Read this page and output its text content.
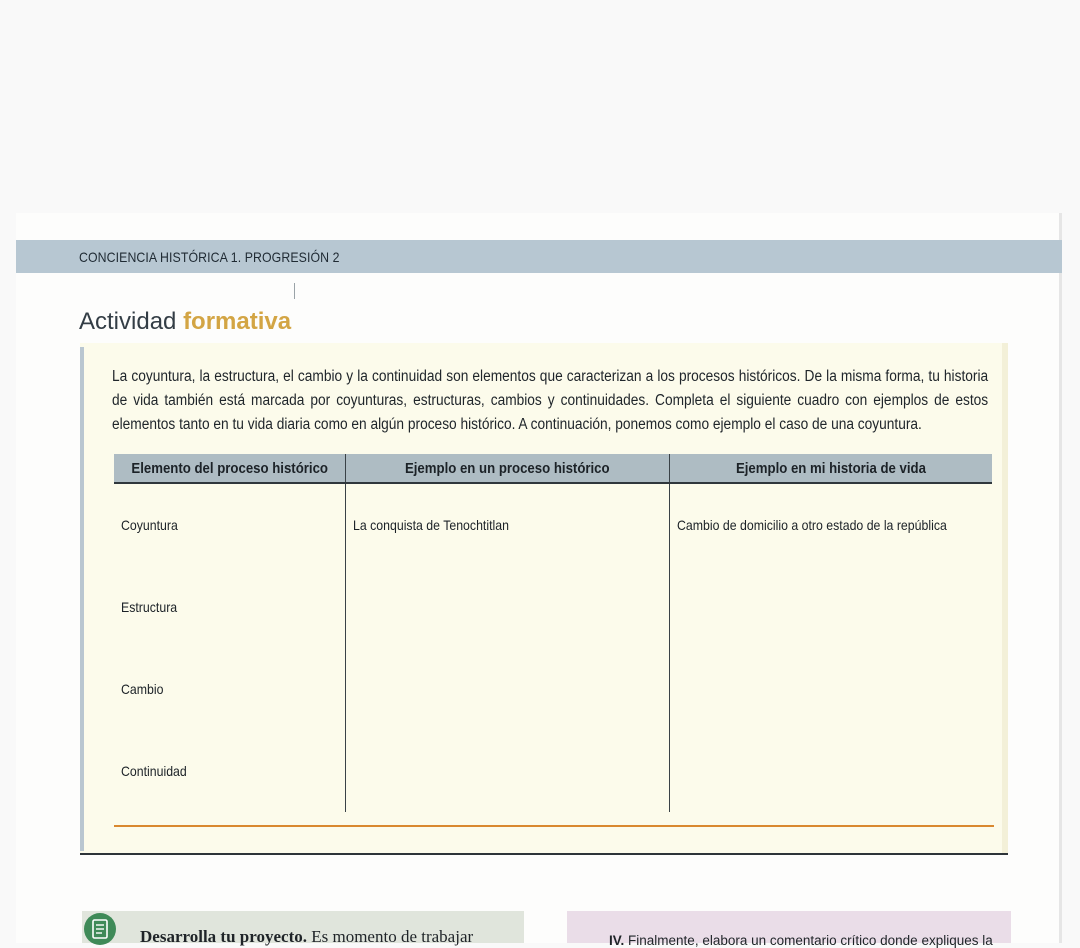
CONCIENCIA HISTÓRICA 1. PROGRESIÓN 2
Actividad formativa

La coyuntura, la estructura, el cambio y la continuidad son elementos que caracterizan a los procesos históricos. De la misma forma, tu historia de vida también está marcada por coyunturas, estructuras, cambios y continuidades. Completa el siguiente cuadro con ejemplos de estos elementos tanto en tu vida diaria como en algún proceso histórico. A continuación, ponemos como ejemplo el caso de una coyuntura.

Elemento del proceso histórico	Ejemplo en un proceso histórico	Ejemplo en mi historia de vida
Coyuntura	La conquista de Tenochtitlan	Cambio de domicilio a otro estado de la república
Estructura		
Cambio		
Continuidad		
Desarrolla tu proyecto. Es momento de trabajar	IV. Finalmente, elabora un comentario crítico donde expliques la
